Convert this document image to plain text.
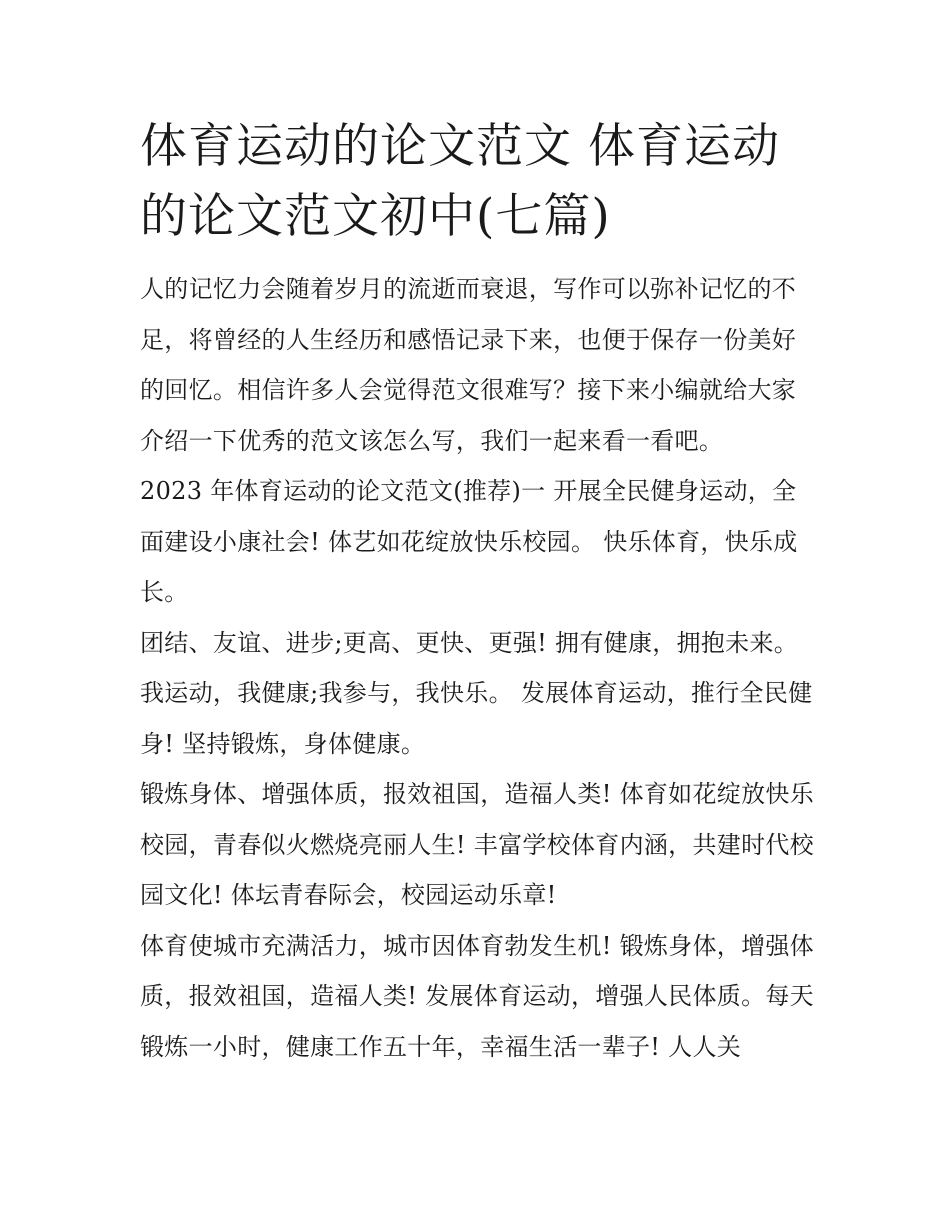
体育运动的论文范文 体育运动的论文范文初中(七篇)

人的记忆力会随着岁月的流逝而衰退，写作可以弥补记忆的不足，将曾经的人生经历和感悟记录下来，也便于保存一份美好的回忆。相信许多人会觉得范文很难写？接下来小编就给大家介绍一下优秀的范文该怎么写，我们一起来看一看吧。

2023 年体育运动的论文范文(推荐)一 开展全民健身运动，全面建设小康社会! 体艺如花绽放快乐校园。 快乐体育，快乐成长。

团结、友谊、进步;更高、更快、更强! 拥有健康，拥抱未来。我运动，我健康;我参与，我快乐。 发展体育运动，推行全民健身! 坚持锻炼，身体健康。

锻炼身体、增强体质，报效祖国，造福人类! 体育如花绽放快乐校园，青春似火燃烧亮丽人生! 丰富学校体育内涵，共建时代校园文化! 体坛青春际会，校园运动乐章!

体育使城市充满活力，城市因体育勃发生机! 锻炼身体，增强体质，报效祖国，造福人类! 发展体育运动，增强人民体质。每天锻炼一小时，健康工作五十年，幸福生活一辈子! 人人关
